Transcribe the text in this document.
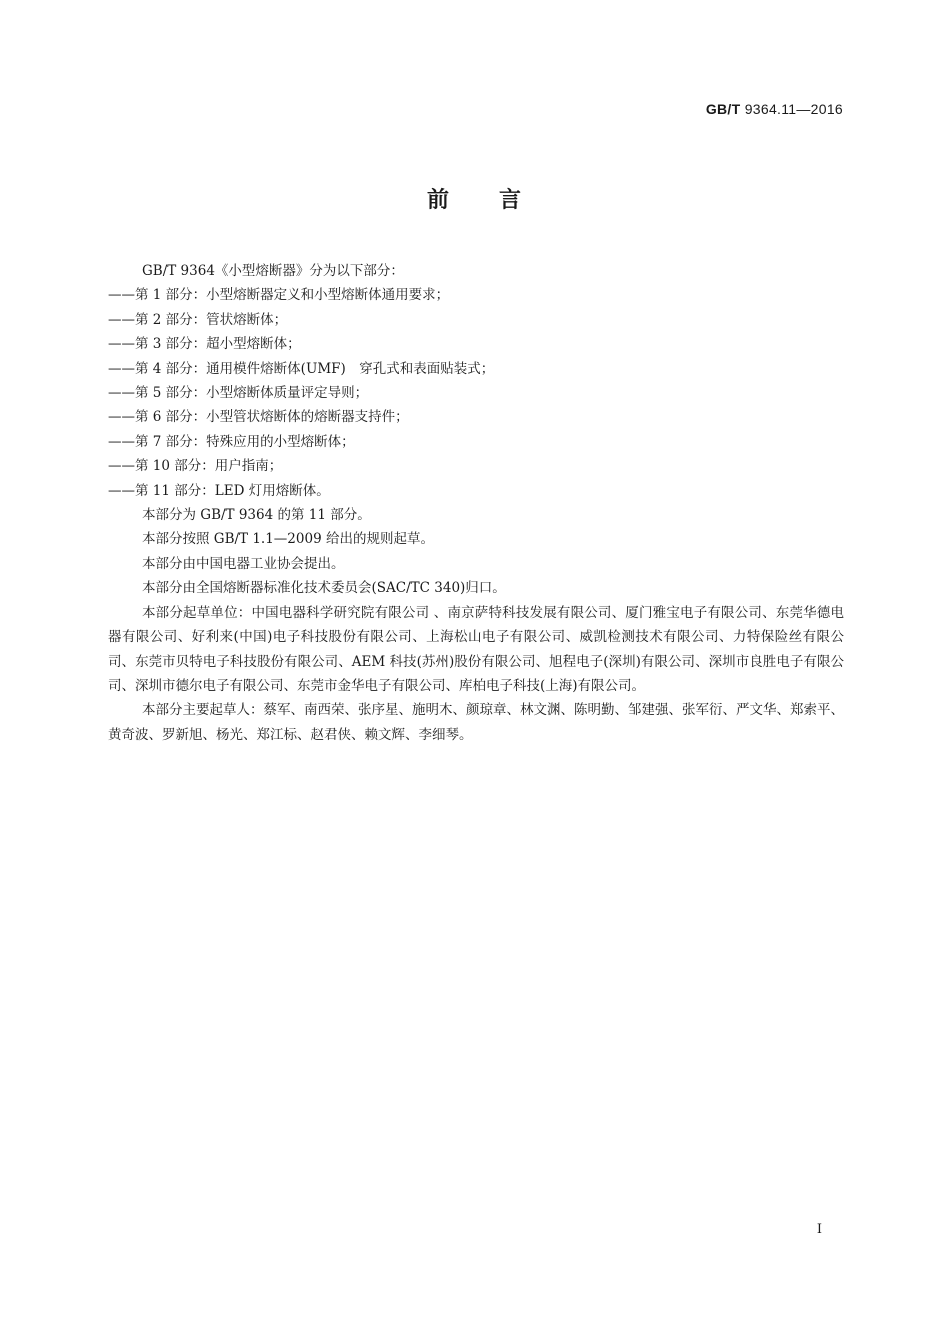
GB/T 9364.11—2016
前 言

GB/T 9364《小型熔断器》分为以下部分：

——第 1 部分：小型熔断器定义和小型熔断体通用要求；

——第 2 部分：管状熔断体；

——第 3 部分：超小型熔断体；

——第 4 部分：通用模件熔断体(UMF)　穿孔式和表面贴装式；

——第 5 部分：小型熔断体质量评定导则；

——第 6 部分：小型管状熔断体的熔断器支持件；

——第 7 部分：特殊应用的小型熔断体；

——第 10 部分：用户指南；

——第 11 部分：LED 灯用熔断体。

本部分为 GB/T 9364 的第 11 部分。

本部分按照 GB/T 1.1—2009 给出的规则起草。

本部分由中国电器工业协会提出。

本部分由全国熔断器标准化技术委员会(SAC/TC 340)归口。

本部分起草单位：中国电器科学研究院有限公司 、南京萨特科技发展有限公司、厦门雅宝电子有限公司、东莞华德电器有限公司、好利来(中国)电子科技股份有限公司、上海松山电子有限公司、威凯检测技术有限公司、力特保险丝有限公司、东莞市贝特电子科技股份有限公司、AEM 科技(苏州)股份有限公司、旭程电子(深圳)有限公司、深圳市良胜电子有限公司、深圳市德尔电子有限公司、东莞市金华电子有限公司、库柏电子科技(上海)有限公司。

本部分主要起草人：蔡军、南西荣、张序星、施明木、颜琼章、林文渊、陈明勤、邹建强、张军衍、严文华、郑索平、黄奇波、罗新旭、杨光、郑江标、赵君侠、赖文辉、李细琴。

I
